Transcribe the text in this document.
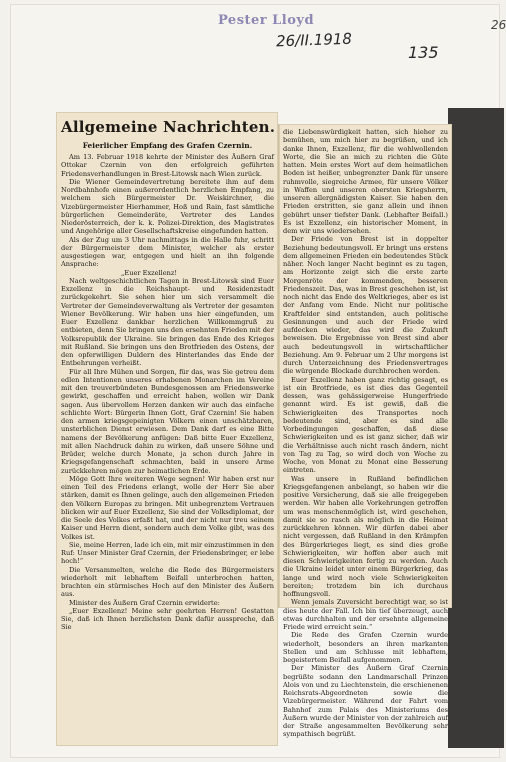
Pester Lloyd
26/II.1918
135
26
Allgemeine Nachrichten.
Feierlicher Empfang des Grafen Czernin.

Am 13. Februar 1918 kehrte der Minister des Äußern Graf Ottokar Czernin von den erfolgreich geführten Friedensverhandlungen in Brest-Litowsk nach Wien zurück.

Die Wiener Gemeindevertretung bereitete ihm auf dem Nordbahnhofe einen außerordentlich herzlichen Empfang, zu welchem sich Bürgermeister Dr. Weiskirchner, die Vizebürgermeister Hierhammer, Hoß und Rain, fast sämtliche bürgerlichen Gemeinderäte, Vertreter des Landes Niederösterreich, der k. k. Polizei-Direktion, des Magistrates und Angehörige aller Gesellschaftskreise eingefunden hatten.

Als der Zug um 3 Uhr nachmittags in die Halle fuhr, schritt der Bürgermeister dem Minister, welcher als erster ausgestiegen war, entgegen und hielt an ihn folgende Ansprache:

„Euer Exzellenz!

Nach weltgeschichtlichen Tagen in Brest-Litowsk sind Euer Exzellenz in die Reichshaupt- und Residenzstadt zurückgekehrt. Sie sehen hier um sich versammelt die Vertreter der Gemeindeverwaltung als Vertreter der gesamten Wiener Bevölkerung. Wir haben uns hier eingefunden, um Euer Exzellenz dankbar herzlichen Willkommgruß zu entbieten, denn Sie bringen uns den ersehnten Frieden mit der Volksrepublik der Ukraine. Sie bringen das Ende des Krieges mit Rußland. Sie bringen uns den Brotfrieden des Ostens, der den opferwilligen Duldern des Hinterlandes das Ende der Entbehrungen verheißt.

Für all Ihre Mühen und Sorgen, für das, was Sie getreu dem edlen Intentionen unseres erhabenen Monarchen im Vereine mit den treuverbündeten Bundesgenossen am Friedenswerke gewirkt, geschaffen und erreicht haben, wollen wir Dank sagen. Aus übervollem Herzen danken wir auch das einfache schlichte Wort: Bürgerin Ihnen Gott, Graf Czernin! Sie haben den armen kriegsgepeinigten Völkern einen unschätzbaren, unsterblichen Dienst erwiesen. Dem Dank darf es eine Bitte namens der Bevölkerung anfügen: Daß bitte Euer Exzellenz, mit allen Nachdruck dahin zu wirken, daß unsere Söhne und Brüder, welche durch Monate, ja schon durch Jahre in Kriegsgefangenschaft schmachten, bald in unsere Arme zurückkehren mögen zur heimatlichen Erde.

Möge Gott Ihre weiteren Wege segnen! Wir haben erst nur einen Teil des Friedens erlangt, wolle der Herr Sie aber stärken, damit es Ihnen gelinge, auch den allgemeinen Frieden den Völkern Europas zu bringen. Mit unbegrenztem Vertrauen blicken wir auf Euer Exzellenz, Sie sind der Volksdiplomat, der die Seele des Volkes erfaßt hat, und der nicht nur treu seinem Kaiser und Herrn dient, sondern auch dem Volke gibt, was des Volkes ist.

Sie, meine Herren, lade ich ein, mit mir einzustimmen in den Ruf: Unser Minister Graf Czernin, der Friedensbringer, er lebe hoch!“

Die Versammelten, welche die Rede des Bürgermeisters wiederholt mit lebhaftem Beifall unterbrochen hatten, brachten ein stürmisches Hoch auf den Minister des Äußern aus.

Minister des Äußern Graf Czernin erwiderte:

„Euer Exzellenz! Meine sehr geehrten Herren! Gestatten Sie, daß ich Ihnen herzlichsten Dank dafür ausspreche, daß Sie

die Liebenswürdigkeit hatten, sich hieher zu bemühen, um mich hier zu begrüßen, und ich danke Ihnen, Exzellenz, für die wohlwollenden Worte, die Sie an mich zu richten die Güte hatten. Mein erstes Wort auf dem heimatlichen Boden ist heißer, unbegrenzter Dank für unsere ruhmvolle, siegreiche Armee, für unsere Völker in Waffen und unseren obersten Kriegsherrn, unseren allergnädigsten Kaiser. Sie haben den Frieden erstritten, sie ganz allein und ihnen gebührt unser tiefster Dank. (Lebhafter Beifall.) Es ist Exzellenz, ein historischer Moment, in dem wir uns wiedersehen.

Der Friede von Brest ist in doppelter Beziehung bedeutungsvoll. Er bringt uns erstens dem allgemeinen Frieden ein bedeutendes Stück näher. Noch langer Nacht beginnt es zu tagen, am Horizonte zeigt sich die erste zarte Morgenröte der kommenden, besseren Friedenszeit. Das, was in Brest geschehen ist, ist noch nicht das Ende des Weltkrieges, aber es ist der Anfang vom Ende. Nicht nur politische Kraftfelder sind entstanden, auch politische Gesinnungen und auch der Friede wird aufdecken wieder, das wird die Zukunft beweisen. Die Ergebnisse von Brest sind aber auch bedeutungsvoll in wirtschaftlicher Beziehung. Am 9. Februar um 2 Uhr morgens ist durch Unterzeichnung des Friedensvertrages die würgende Blockade durchbrochen worden.

Euer Exzellenz haben ganz richtig gesagt, es ist ein Brotfriede, es ist dies das Gegenteil dessen, was gehässigerweise Hungerfriede genannt wird. Es ist gewiß, daß die Schwierigkeiten des Transportes noch bedeutende sind, aber es sind alle Vorbedingungen geschaffen, daß diese Schwierigkeiten und es ist ganz sicher, daß wir die Verhältnisse auch nicht rasch ändern, nicht von Tag zu Tag, so wird doch von Woche zu Woche, von Monat zu Monat eine Besserung eintreten.

Was unsere in Rußland befindlichen Kriegsgefangenen anbelangt, so haben wir die positive Versicherung, daß sie alle freigegeben werden. Wir haben alle Vorkehrungen getroffen um was menschenmöglich ist, wird geschehen, damit sie so rasch als möglich in die Heimat zurückkehren können. Wir dürfen dabei aber nicht vergessen, daß Rußland in den Krämpfen des Bürgerkrieges liegt, es sind dies große Schwierigkeiten, wir hoffen aber auch mit diesen Schwierigkeiten fertig zu werden. Auch die Ukraine leidet unter einem Bürgerkrieg, das lange und wird noch viele Schwierigkeiten bereiten; trotzdem bin ich durchaus hoffnungsvoll.

Wenn jemals Zuversicht berechtigt war, so ist dies heute der Fall. Ich bin tief überzeugt, auch etwas durchhalten und der ersehnte allgemeine Friede wird erreicht sein.“

Die Rede des Grafen Czernin wurde wiederholt, besonders an ihren markanten Stellen und am Schlusse mit lebhaftem, begeistertem Beifall aufgenommen.

Der Minister des Äußern Graf Czernin begrüßte sodann den Landmarschall Prinzen Alois von und zu Liechtenstein, die erschienenen Reichsrats-Abgeordneten sowie die Vizebürgermeister. Während der Fahrt vom Bahnhof zum Palais des Ministeriums des Äußern wurde der Minister von der zahlreich auf der Straße angesammelten Bevölkerung sehr sympathisch begrüßt.
